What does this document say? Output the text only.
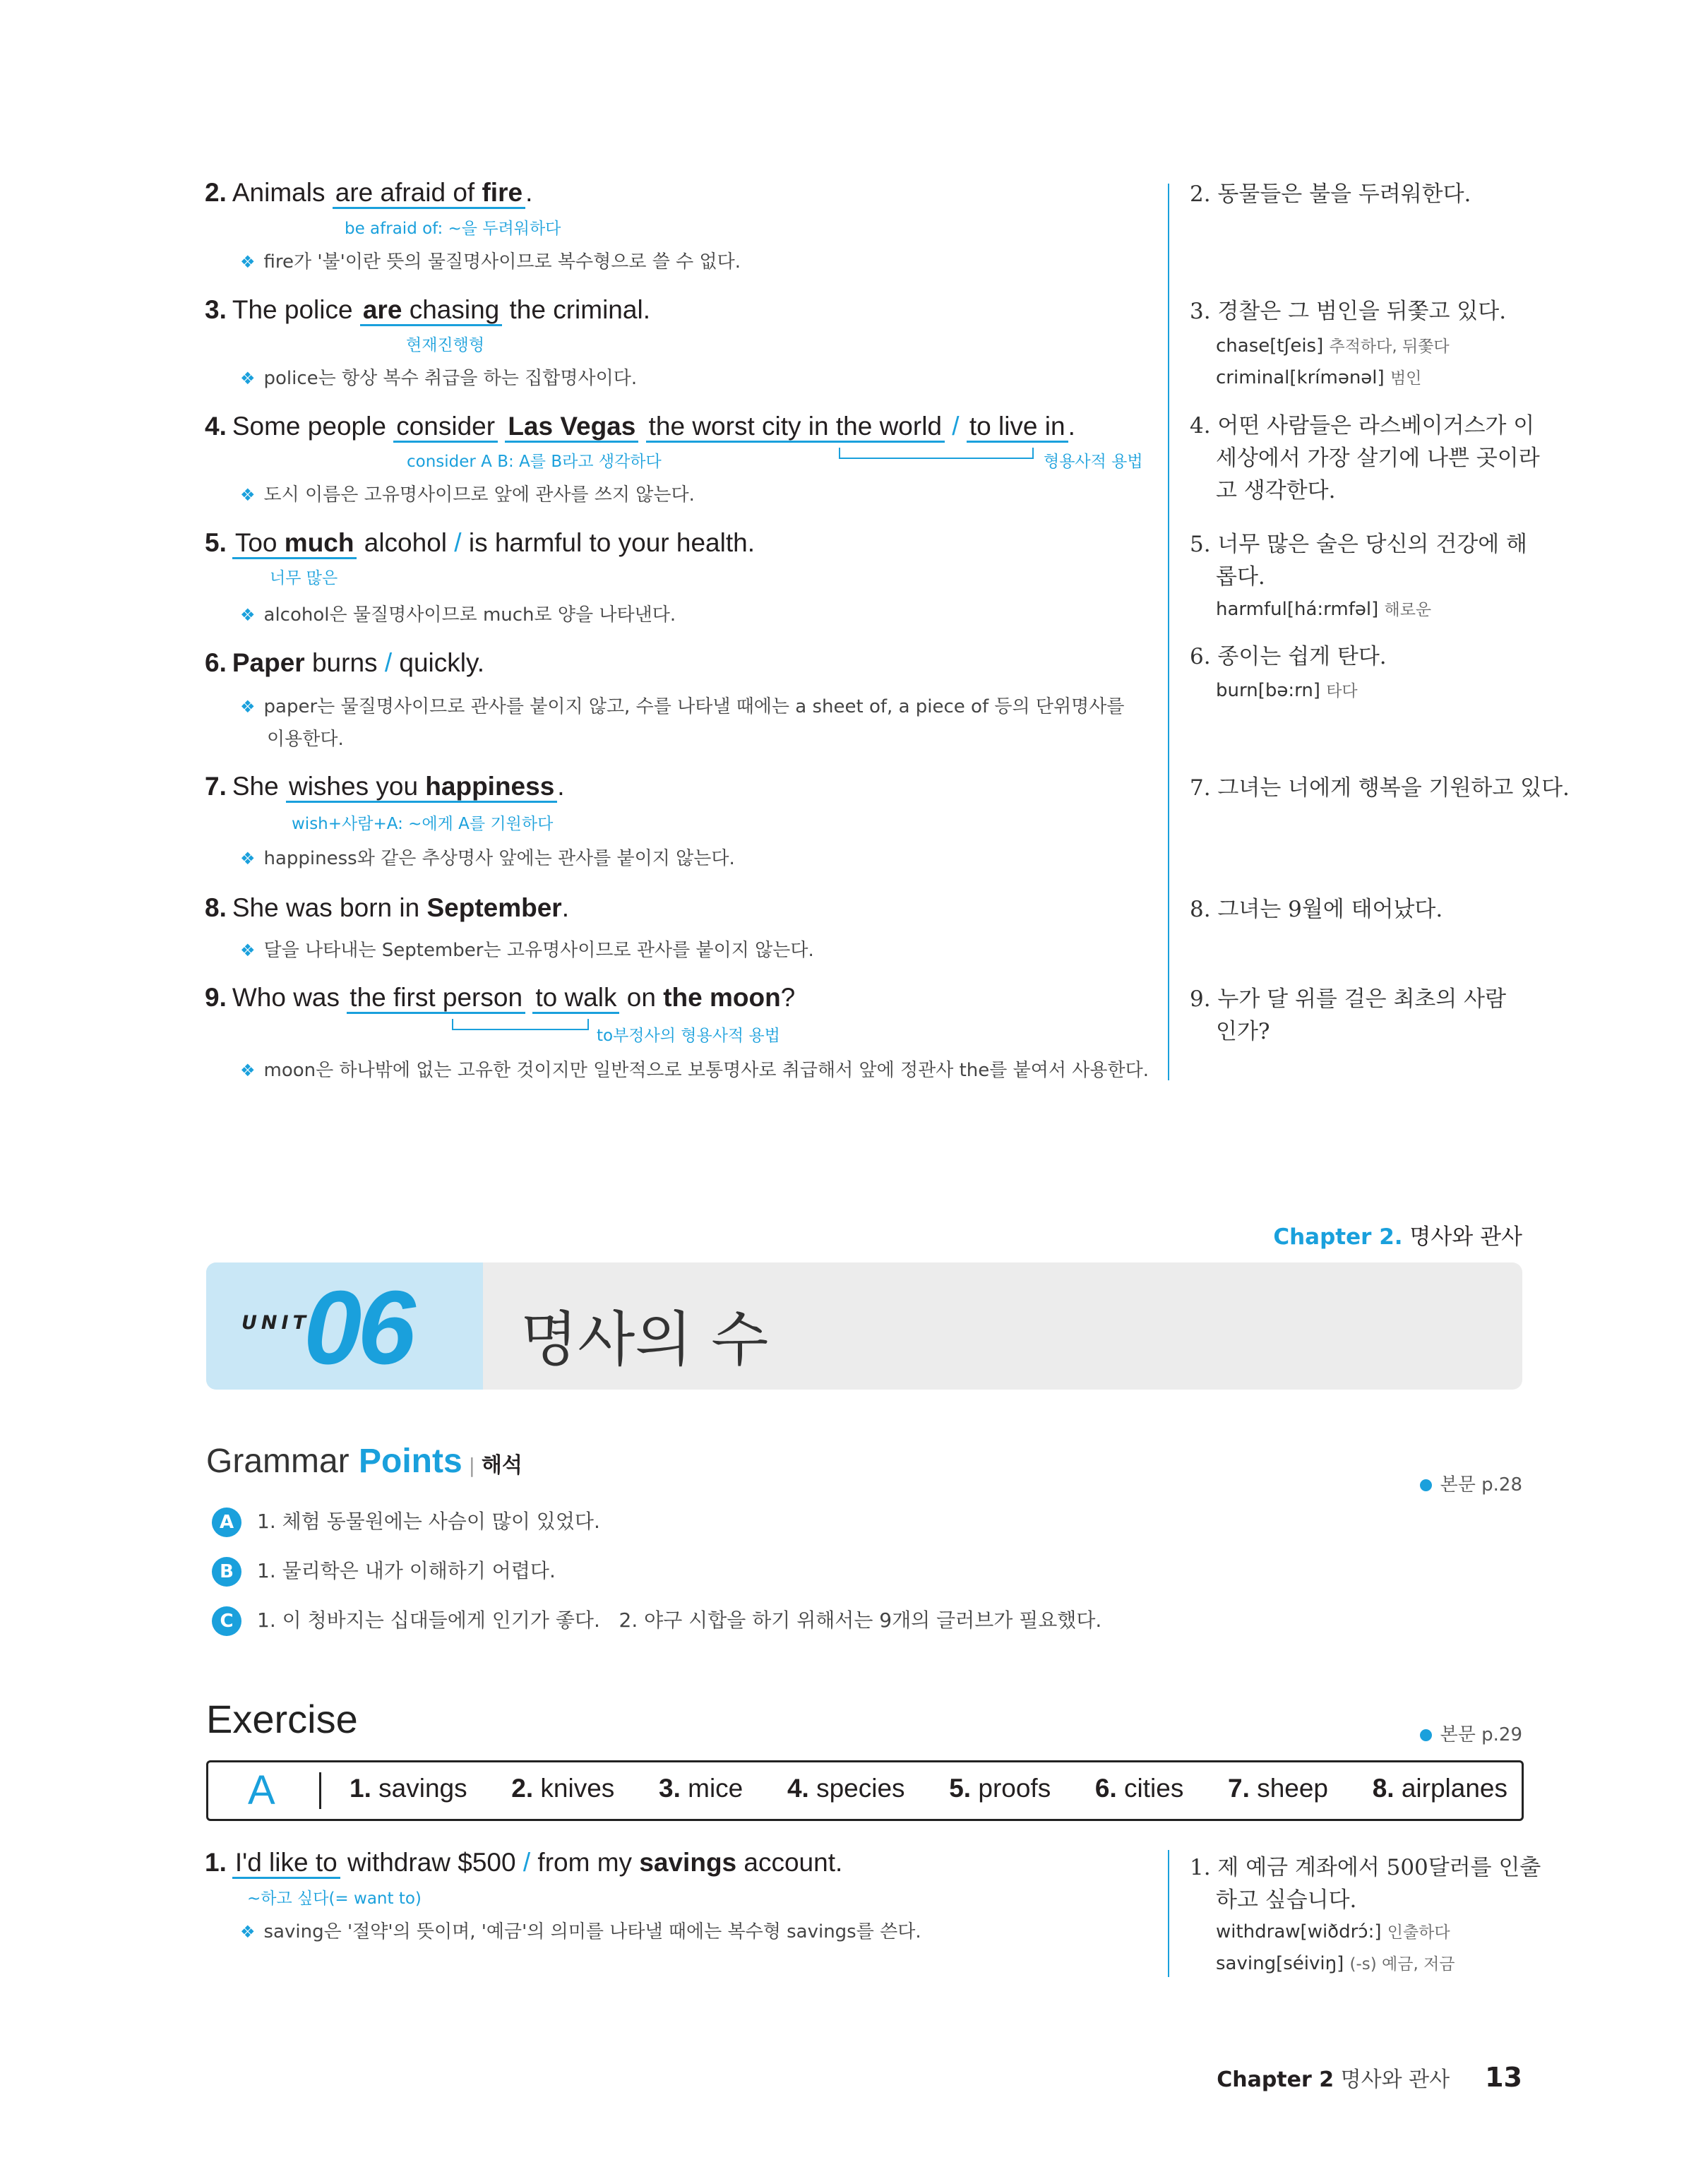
2. Animals are afraid of fire .
be afraid of: ~을 두려워하다
❖ fire가 '불'이란 뜻의 물질명사이므로 복수형으로 쓸 수 없다.
2. 동물들은 불을 두려워한다.
3. The police are chasing the criminal.
현재진행형
❖ police는 항상 복수 취급을 하는 집합명사이다.
3. 경찰은 그 범인을 뒤쫓고 있다.
chase[tʃeis] 추적하다, 뒤쫓다
criminal[krímənəl] 범인
4. Some people consider Las Vegas the worst city in the world / to live in .
consider A B: A를 B라고 생각하다	형용사적 용법
❖ 도시 이름은 고유명사이므로 앞에 관사를 쓰지 않는다.
4. 어떤 사람들은 라스베이거스가 이
세상에서 가장 살기에 나쁜 곳이라
고 생각한다.
5. Too much alcohol / is harmful to your health.
너무 많은
❖ alcohol은 물질명사이므로 much로 양을 나타낸다.
5. 너무 많은 술은 당신의 건강에 해
롭다.
harmful[há:rmfəl] 해로운
6. Paper burns / quickly.
❖ paper는 물질명사이므로 관사를 붙이지 않고, 수를 나타낼 때에는 a sheet of, a piece of 등의 단위명사를
이용한다.
6. 종이는 쉽게 탄다.
burn[bə:rn] 타다
7. She wishes you happiness .
wish+사람+A: ~에게 A를 기원하다
❖ happiness와 같은 추상명사 앞에는 관사를 붙이지 않는다.
7. 그녀는 너에게 행복을 기원하고 있다.
8. She was born in September.
❖ 달을 나타내는 September는 고유명사이므로 관사를 붙이지 않는다.
8. 그녀는 9월에 태어났다.
9. Who was the first person to walk on the moon?
to부정사의 형용사적 용법
❖ moon은 하나밖에 없는 고유한 것이지만 일반적으로 보통명사로 취급해서 앞에 정관사 the를 붙여서 사용한다.
9. 누가 달 위를 걸은 최초의 사람
인가?
Chapter 2. 명사와 관사
UNIT
06 명사의 수
Grammar Points | 해석
본문 p.28
A 1. 체험 동물원에는 사슴이 많이 있었다.
B 1. 물리학은 내가 이해하기 어렵다.
C 1. 이 청바지는 십대들에게 인기가 좋다.   2. 야구 시합을 하기 위해서는 9개의 글러브가 필요했다.
Exercise	본문 p.29
A	1. savings 2. knives 3. mice 4. species 5. proofs 6. cities 7. sheep 8. airplanes
1. I'd like to withdraw $500 / from my savings account.
~하고 싶다(= want to)
❖ saving은 '절약'의 뜻이며, '예금'의 의미를 나타낼 때에는 복수형 savings를 쓴다.
1. 제 예금 계좌에서 500달러를 인출
하고 싶습니다.
withdraw[wiðdrɔ́:] 인출하다
saving[séiviŋ] (-s) 예금, 저금
Chapter 2 명사와 관사 13
